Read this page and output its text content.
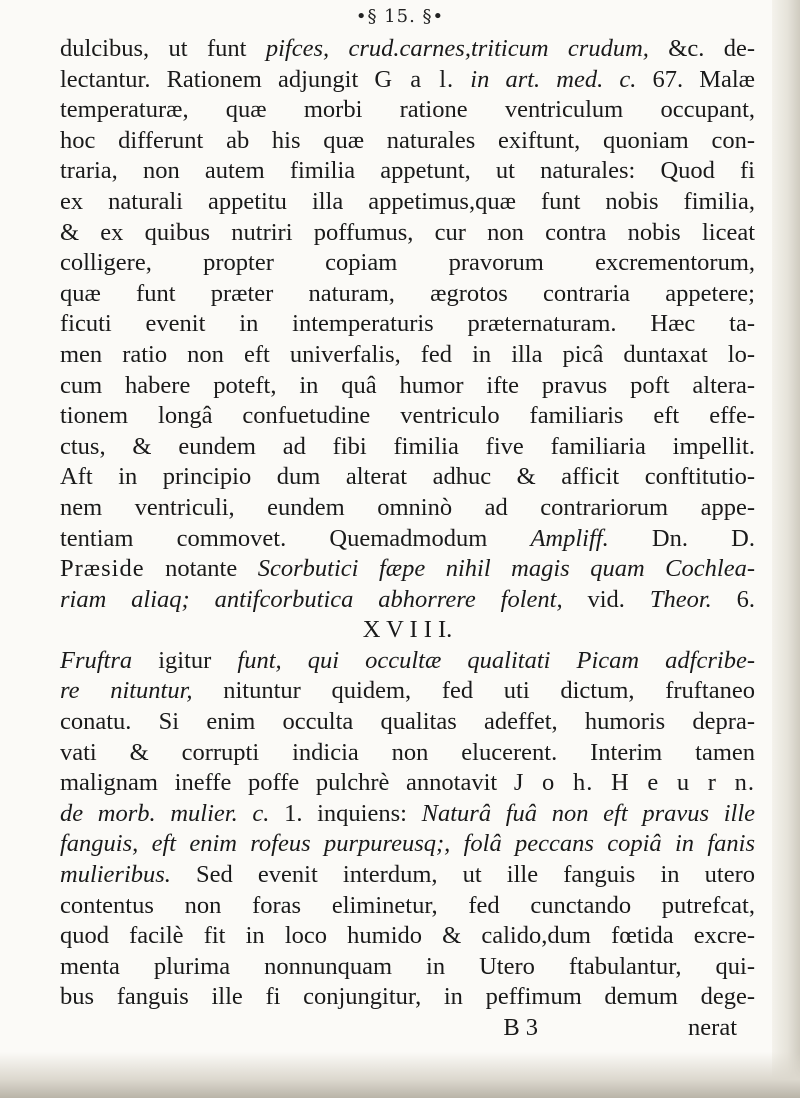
•§ 15. §•
dulcibus, ut funt pifces, crud.carnes,triticum crudum, &c. de-
lectantur. Rationem adjungit G a l. in art. med. c. 67. Malæ
temperaturæ, quæ morbi ratione ventriculum occupant,
hoc differunt ab his quæ naturales exiftunt, quoniam con-
traria, non autem fimilia appetunt, ut naturales: Quod fi
ex naturali appetitu illa appetimus,quæ funt nobis fimilia,
& ex quibus nutriri poffumus, cur non contra nobis liceat
colligere, propter copiam pravorum excrementorum,
quæ funt præter naturam, ægrotos contraria appetere;
ficuti evenit in intemperaturis præternaturam. Hæc ta-
men ratio non eft univerfalis, fed in illa picâ duntaxat lo-
cum habere poteft, in quâ humor ifte pravus poft altera-
tionem longâ confuetudine ventriculo familiaris eft effe-
ctus, & eundem ad fibi fimilia five familiaria impellit.
Aft in principio dum alterat adhuc & afficit conftitutio-
nem ventriculi, eundem omninò ad contrariorum appe-
tentiam commovet. Quemadmodum Ampliff. Dn. D.
Præside notante Scorbutici fæpe nihil magis quam Cochlea-
riam aliaq; antifcorbutica abhorrere folent, vid. Theor. 6.
X V I I I.
Fruftra igitur funt, qui occultæ qualitati Picam adfcribe-
re nituntur, nituntur quidem, fed uti dictum, fruftaneo
conatu. Si enim occulta qualitas adeffet, humoris depra-
vati & corrupti indicia non elucerent. Interim tamen
malignam ineffe poffe pulchrè annotavit J o h. H e u r n.
de morb. mulier. c. 1. inquiens: Naturâ fuâ non eft pravus ille
fanguis, eft enim rofeus purpureusq;, folâ peccans copiâ in fanis
mulieribus. Sed evenit interdum, ut ille fanguis in utero
contentus non foras eliminetur, fed cunctando putrefcat,
quod facilè fit in loco humido & calido,dum fœtida excre-
menta plurima nonnunquam in Utero ftabulantur, qui-
bus fanguis ille fi conjungitur, in peffimum demum dege-
B 3	nerat
